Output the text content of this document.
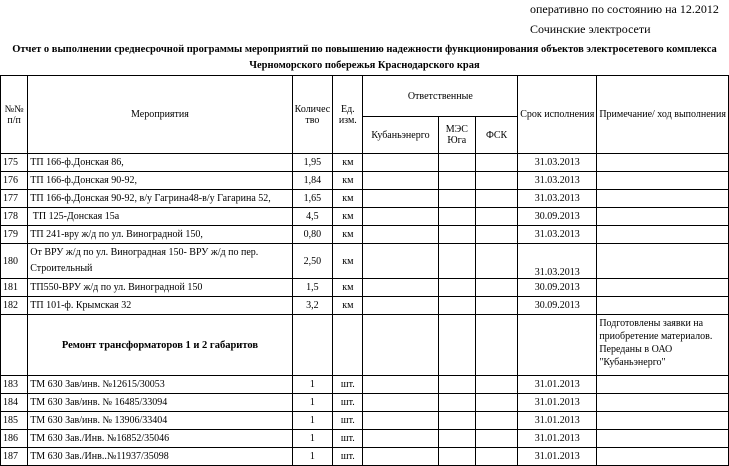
оперативно по состоянию на 12.2012
Сочинские электросети
Отчет о выполнении среднесрочной программы мероприятий по повышению надежности функционирования объектов электросетевого комплекса
Черноморского побережья Краснодарского края
№№ п/п	Мероприятия	Количес тво	Ед. изм.	Ответственные			Срок исполнения	Примечание/ ход выполнения
				Кубаньэнерго	МЭС Юга	ФСК		
175	ТП 166-ф.Донская 86,	1,95	км				31.03.2013	
176	ТП 166-ф.Донская 90-92,	1,84	км				31.03.2013	
177	ТП 166-ф.Донская 90-92, в/у Гагрина48-в/у Гагарина 52,	1,65	км				31.03.2013	
178	ТП 125-Донская 15а	4,5	км				30.09.2013	
179	ТП 241-вру ж/д по ул. Виноградной 150,	0,80	км				31.03.2013	
180	От ВРУ ж/д по ул. Виноградная 150- ВРУ ж/д по пер. Строительный	2,50	км				31.03.2013	
181	ТП550-ВРУ ж/д по ул. Виноградной 150	1,5	км				30.09.2013	
182	ТП 101-ф. Крымская 32	3,2	км				30.09.2013	
	Ремонт трансформаторов 1 и 2 габаритов							Подготовлены заявки на приобретение материалов. Переданы в ОАО "Кубаньэнерго"
183	ТМ 630 Зав/инв. №12615/30053	1	шт.				31.01.2013	
184	ТМ 630 Зав/инв. № 16485/33094	1	шт.				31.01.2013	
185	ТМ 630 Зав/инв. № 13906/33404	1	шт.				31.01.2013	
186	ТМ 630 Зав./Инв. №16852/35046	1	шт.				31.01.2013	
187	ТМ 630 Зав./Инв..№11937/35098	1	шт.				31.01.2013	
